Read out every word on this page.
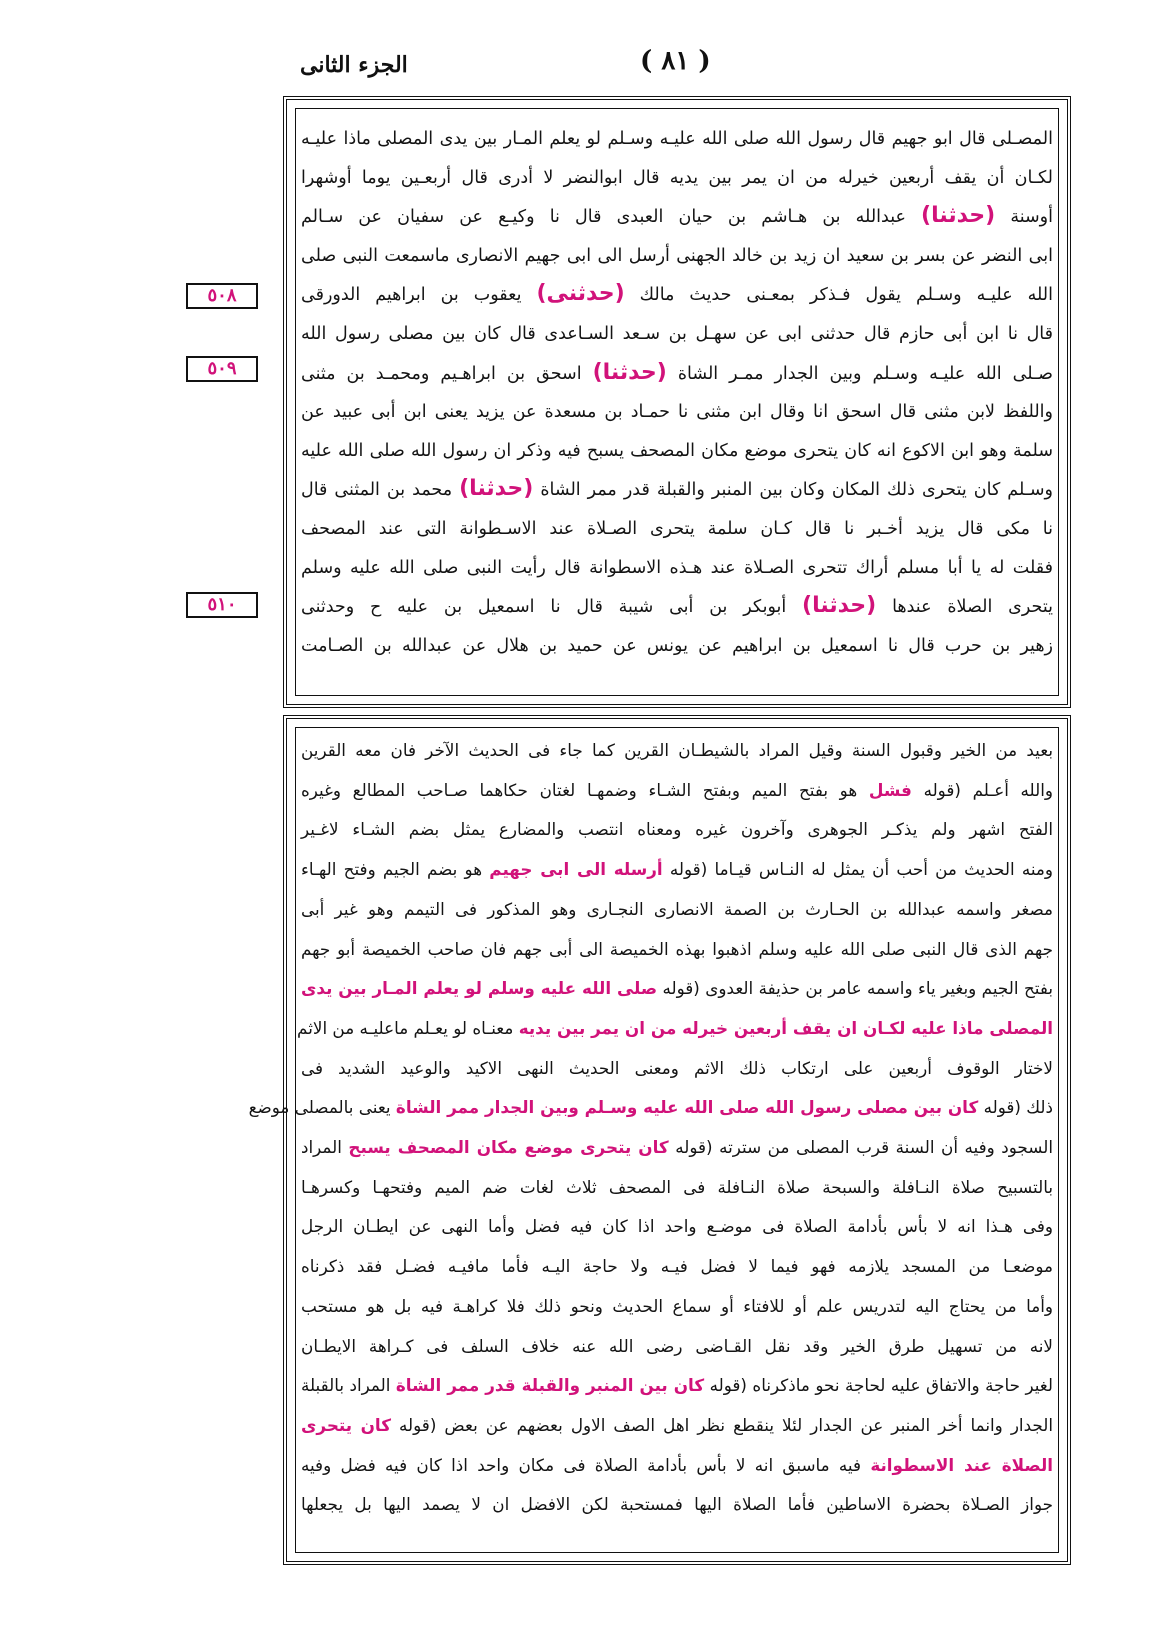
الجزء الثانى	( ٨١ )
٥٠٨
٥٠٩
٥١٠
المصـلى قال ابو جهيم قال رسول الله صلى الله عليـه وسـلم لو يعلم المـار بين يدى المصلى ماذا عليـه
لكـان أن يقف أربعين خيرله من ان يمر بين يديه قال ابوالنضر لا أدرى قال أربعـين يوما أوشهرا
أوسنة (حدثنا) عبدالله بن هـاشم بن حيان العبدى قال نا وكيـع عن سفيان عن سـالم
ابى النضر عن بسر بن سعيد ان زيد بن خالد الجهنى أرسل الى ابى جهيم الانصارى ماسمعت النبى صلى
الله عليـه وسـلم يقول فـذكر بمعـنى حديث مالك (حدثنى) يعقوب بن ابراهيم الدورقى
قال نا ابن أبى حازم قال حدثنى ابى عن سهـل بن سـعد السـاعدى قال كان بين مصلى رسول الله
صـلى الله عليـه وسـلم وبين الجدار ممـر الشاة (حدثنا) اسحق بن ابراهـيم ومحمـد بن مثنى
واللفظ لابن مثنى قال اسحق انا وقال ابن مثنى نا حمـاد بن مسعدة عن يزيد يعنى ابن أبى عبيد عن
سلمة وهو ابن الاكوع انه كان يتحرى موضع مكان المصحف يسبح فيه وذكر ان رسول الله صلى الله عليه
وسـلم كان يتحرى ذلك المكان وكان بين المنبر والقبلة قدر ممر الشاة (حدثنا) محمد بن المثنى قال
نا مكى قال يزيد أخـبر نا قال كـان سلمة يتحرى الصـلاة عند الاسـطوانة التى عند المصحف
فقلت له يا أبا مسلم أراك تتحرى الصـلاة عند هـذه الاسطوانة قال رأيت النبى صلى الله عليه وسلم
يتحرى الصلاة عندها (حدثنا) أبوبكر بن أبى شيبة قال نا اسمعيل بن عليه ح وحدثنى
زهير بن حرب قال نا اسمعيل بن ابراهيم عن يونس عن حميد بن هلال عن عبدالله بن الصـامت
بعيد من الخير وقبول السنة وقيل المراد بالشيطـان القرين كما جاء فى الحديث الآخر فان معه القرين
والله أعـلم (قوله فشل هو بفتح الميم وبفتح الشـاء وضمهـا لغتان حكاهما صـاحب المطالع وغيره
الفتح اشهر ولم يذكـر الجوهرى وآخرون غيره ومعناه انتصب والمضارع يمثل بضم الشـاء لاغـير
ومنه الحديث من أحب أن يمثل له النـاس قيـاما (قوله أرسله الى ابى جهيم هو بضم الجيم وفتح الهـاء
مصغر واسمه عبدالله بن الحـارث بن الصمة الانصارى النجـارى وهو المذكور فى التيمم وهو غير أبى
جهم الذى قال النبى صلى الله عليه وسلم اذهبوا بهذه الخميصة الى أبى جهم فان صاحب الخميصة أبو جهم
بفتح الجيم وبغير ياء واسمه عامر بن حذيفة العدوى (قوله صلى الله عليه وسلم لو يعلم المـار بين يدى
المصلى ماذا عليه لكـان ان يقف أربعين خيرله من ان يمر بين يديه معنـاه لو يعـلم ماعليـه من الاثم
لاختار الوقوف أربعين على ارتكاب ذلك الاثم ومعنى الحديث النهى الاكيد والوعيد الشديد فى
ذلك (قوله كان بين مصلى رسول الله صلى الله عليه وسـلم وبين الجدار ممر الشاة يعنى بالمصلى موضع
السجود وفيه أن السنة قرب المصلى من سترته (قوله كان يتحرى موضع مكان المصحف يسبح المراد
بالتسبيح صلاة النـافلة والسبحة صلاة النـافلة فى المصحف ثلاث لغات ضم الميم وفتحهـا وكسرهـا
وفى هـذا انه لا بأس بأدامة الصلاة فى موضـع واحد اذا كان فيه فضل وأما النهى عن ايطـان الرجل
موضعـا من المسجد يلازمه فهو فيما لا فضل فيـه ولا حاجة اليـه فأما مافيـه فضـل فقد ذكرناه
وأما من يحتاج اليه لتدريس علم أو للافتاء أو سماع الحديث ونحو ذلك فلا كراهـة فيه بل هو مستحب
لانه من تسهيل طرق الخير وقد نقل القـاضى رضى الله عنه خلاف السلف فى كـراهة الايطـان
لغير حاجة والاتفاق عليه لحاجة نحو ماذكرناه (قوله كان بين المنبر والقبلة قدر ممر الشاة المراد بالقبلة
الجدار وانما أخر المنبر عن الجدار لئلا ينقطع نظر اهل الصف الاول بعضهم عن بعض (قوله كان يتحرى
الصلاة عند الاسطوانة فيه ماسبق انه لا بأس بأدامة الصلاة فى مكان واحد اذا كان فيه فضل وفيه
جواز الصـلاة بحضرة الاساطين فأما الصلاة اليها فمستحبة لكن الافضل ان لا يصمد اليها بل يجعلها
